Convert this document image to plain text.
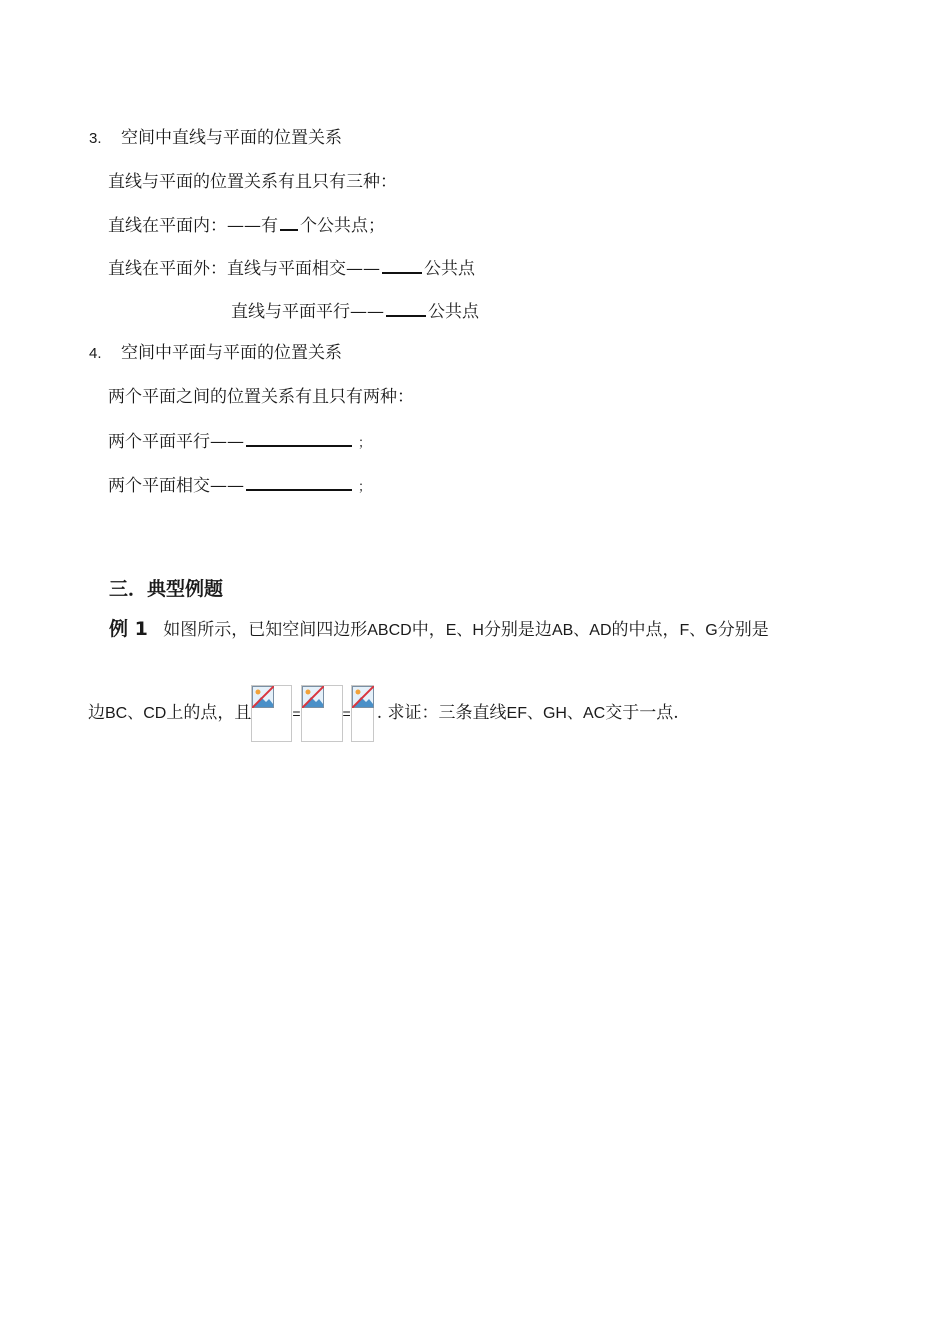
3. 空间中直线与平面的位置关系
直线与平面的位置关系有且只有三种：
直线在平面内：——有 个公共点；
直线在平面外：直线与平面相交——	公共点
直线与平面平行——	公共点
4. 空间中平面与平面的位置关系
两个平面之间的位置关系有且只有两种：
两个平面平行——	；
两个平面相交——	；
三．典型例题
例 1 如图所示，已知空间四边形ABCD中，E、H分别是边AB、AD的中点，F、G分别是
边BC、CD上的点，且	=	= . 求证：三条直线EF、GH、AC交于一点.
